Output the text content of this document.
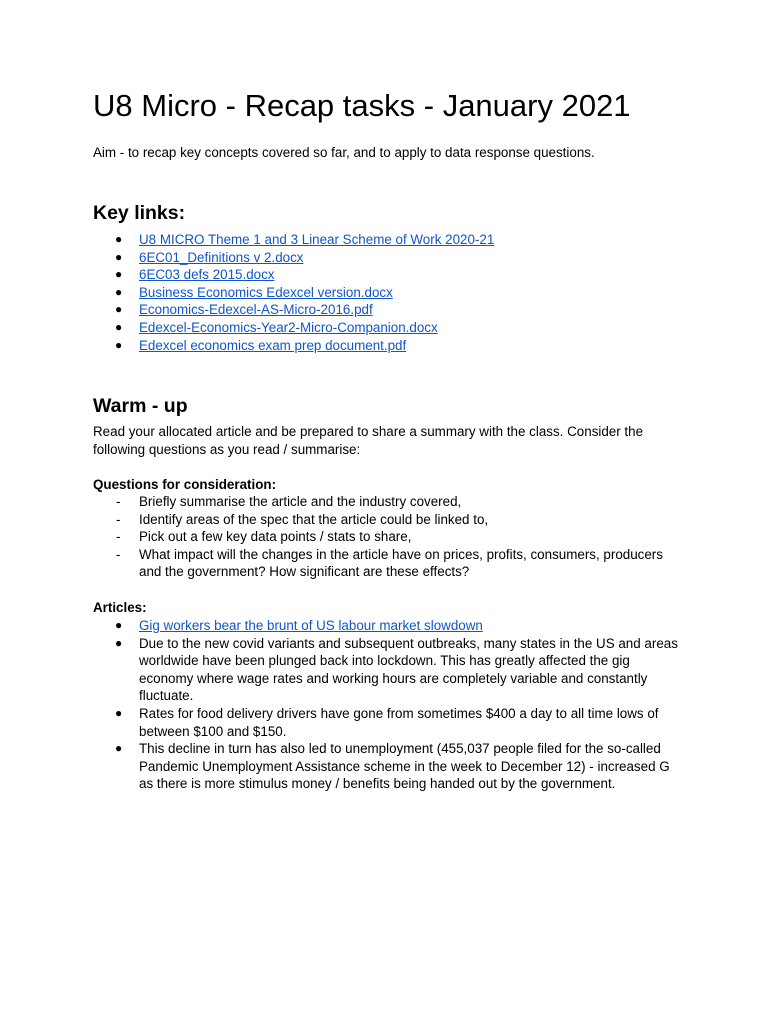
U8 Micro - Recap tasks - January 2021

Aim - to recap key concepts covered so far, and to apply to data response questions.

Key links:
●	U8 MICRO Theme 1 and 3 Linear Scheme of Work 2020-21
●	6EC01_Definitions v 2.docx
●	6EC03 defs 2015.docx
●	Business Economics Edexcel version.docx
●	Economics-Edexcel-AS-Micro-2016.pdf
●	Edexcel-Economics-Year2-Micro-Companion.docx
●	Edexcel economics exam prep document.pdf
Warm - up

Read your allocated article and be prepared to share a summary with the class. Consider the following questions as you read / summarise:

Questions for consideration:

- Briefly summarise the article and the industry covered,
- Identify areas of the spec that the article could be linked to,
- Pick out a few key data points / stats to share,
- What impact will the changes in the article have on prices, profits, consumers, producers and the government? How significant are these effects?

Articles:

●	Gig workers bear the brunt of US labour market slowdown
●	Due to the new covid variants and subsequent outbreaks, many states in the US and areas worldwide have been plunged back into lockdown. This has greatly affected the gig economy where wage rates and working hours are completely variable and constantly fluctuate.
●	Rates for food delivery drivers have gone from sometimes $400 a day to all time lows of between $100 and $150.
●	This decline in turn has also led to unemployment (455,037 people filed for the so-called Pandemic Unemployment Assistance scheme in the week to December 12) - increased G as there is more stimulus money / benefits being handed out by the government.
